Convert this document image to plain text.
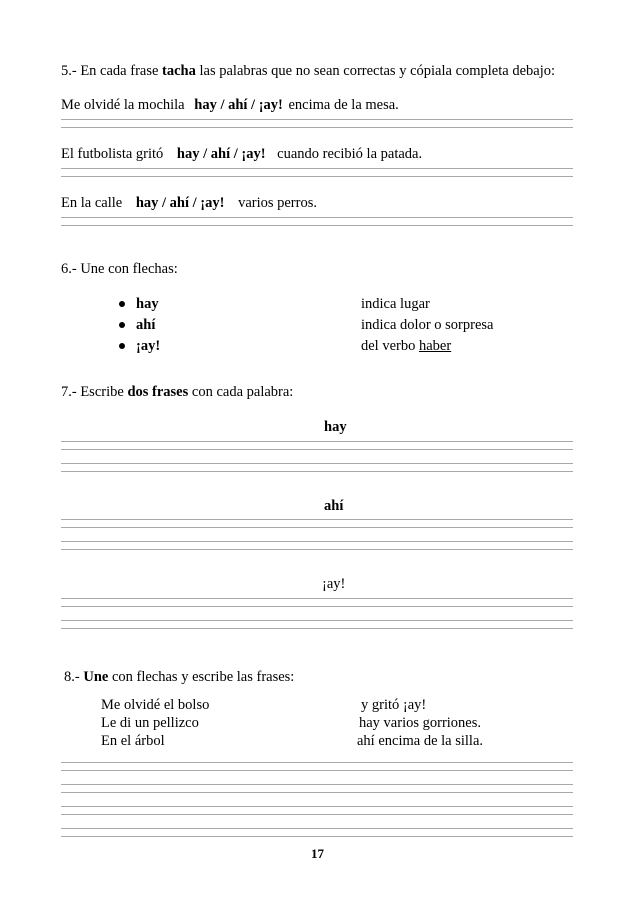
5.- En cada frase tacha las palabras que no sean correctas y cópiala completa debajo:
Me olvidé la mochila hay / ahí / ¡ay! encima de la mesa.
El futbolista gritó hay / ahí / ¡ay! cuando recibió la patada.
En la calle hay / ahí / ¡ay! varios perros.
6.- Une con flechas:
hay
ahí
¡ay!
indica lugar
indica dolor o sorpresa
del verbo haber
7.- Escribe dos frases con cada palabra:
hay
ahí
¡ay!
8.- Une con flechas y escribe las frases:
Me olvidé el bolso
Le di un pellizco
En el árbol
y gritó ¡ay!
hay varios gorriones.
ahí encima de la silla.
17
